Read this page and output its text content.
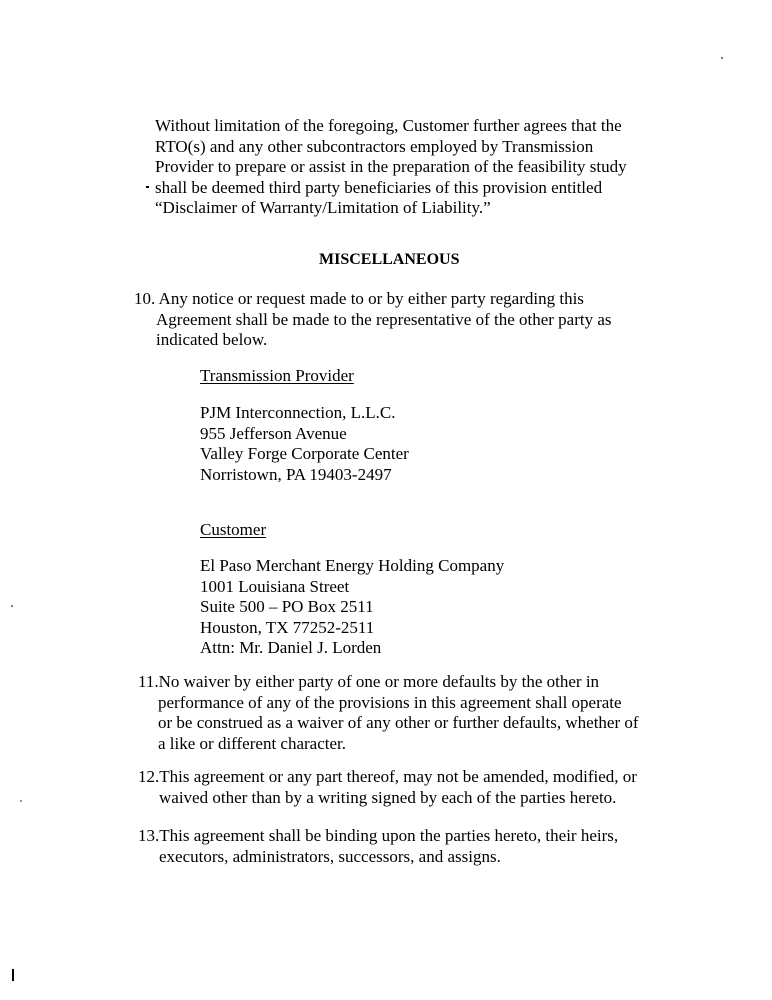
Without limitation of the foregoing, Customer further agrees that the
RTO(s) and any other subcontractors employed by Transmission
Provider to prepare or assist in the preparation of the feasibility study
shall be deemed third party beneficiaries of this provision entitled
“Disclaimer of Warranty/Limitation of Liability.”
MISCELLANEOUS
10. Any notice or request made to or by either party regarding this
Agreement shall be made to the representative of the other party as
indicated below.
Transmission Provider
PJM Interconnection, L.L.C.
955 Jefferson Avenue
Valley Forge Corporate Center
Norristown, PA 19403-2497
Customer
El Paso Merchant Energy Holding Company
1001 Louisiana Street
Suite 500 – PO Box 2511
Houston, TX 77252-2511
Attn: Mr. Daniel J. Lorden
11.No waiver by either party of one or more defaults by the other in
performance of any of the provisions in this agreement shall operate
or be construed as a waiver of any other or further defaults, whether of
a like or different character.
12.This agreement or any part thereof, may not be amended, modified, or
waived other than by a writing signed by each of the parties hereto.
13.This agreement shall be binding upon the parties hereto, their heirs,
executors, administrators, successors, and assigns.
